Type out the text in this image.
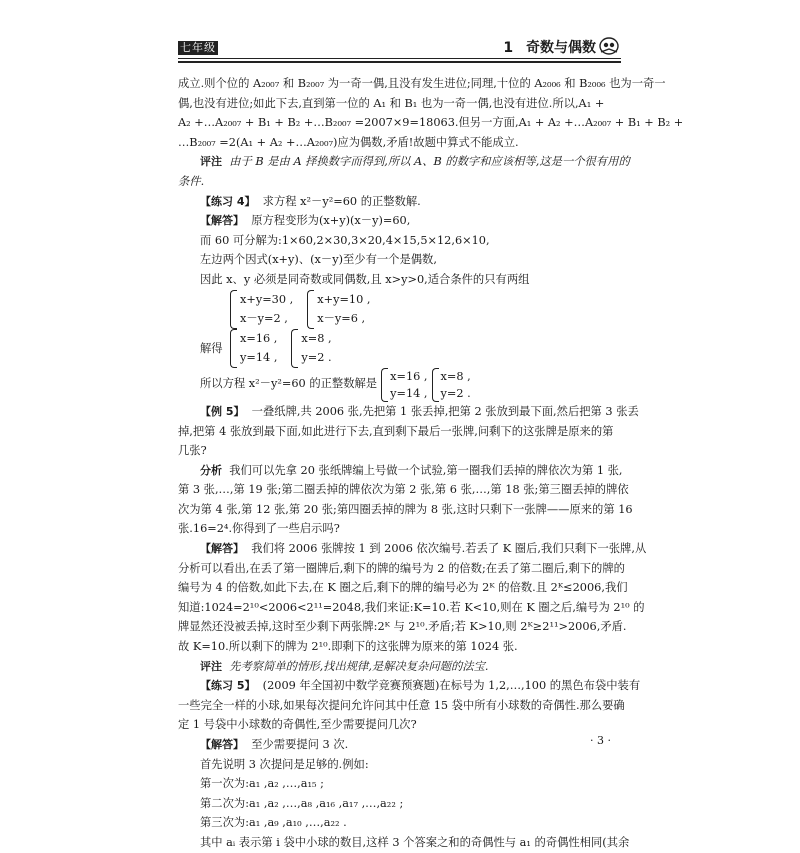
七年级	1 奇数与偶数

成立.则个位的 A₂₀₀₇ 和 B₂₀₀₇ 为一奇一偶,且没有发生进位;同理,十位的 A₂₀₀₆ 和 B₂₀₀₆ 也为一奇一

偶,也没有进位;如此下去,直到第一位的 A₁ 和 B₁ 也为一奇一偶,也没有进位.所以,A₁ +

A₂ +…A₂₀₀₇ + B₁ + B₂ +…B₂₀₀₇ =2007×9=18063.但另一方面,A₁ + A₂ +…A₂₀₀₇ + B₁ + B₂ +

…B₂₀₀₇ =2(A₁ + A₂ +…A₂₀₀₇)应为偶数,矛盾!故题中算式不能成立.

评注 由于 B 是由 A 择换数字而得到,所以 A、B 的数字和应该相等,这是一个很有用的

条件.

【练习 4】 求方程 x²－y²=60 的正整数解.

【解答】 原方程变形为(x+y)(x－y)=60,

而 60 可分解为:1×60,2×30,3×20,4×15,5×12,6×10,

左边两个因式(x+y)、(x－y)至少有一个是偶数,

因此 x、y 必须是同奇数或同偶数,且 x>y>0,适合条件的只有两组

x+y=30 ,

x－y=2 ,

x+y=10 ,

x－y=6 ,

解得

x=16 ,

y=14 ,

x=8 ,

y=2 .

所以方程 x²－y²=60 的正整数解是

x=16 ,

y=14 ,

x=8 ,

y=2 .

【例 5】 一叠纸牌,共 2006 张,先把第 1 张丢掉,把第 2 张放到最下面,然后把第 3 张丢

掉,把第 4 张放到最下面,如此进行下去,直到剩下最后一张牌,问剩下的这张牌是原来的第

几张?

分析 我们可以先拿 20 张纸牌编上号做一个试验,第一圈我们丢掉的牌依次为第 1 张,

第 3 张,…,第 19 张;第二圈丢掉的牌依次为第 2 张,第 6 张,…,第 18 张;第三圈丢掉的牌依

次为第 4 张,第 12 张,第 20 张;第四圈丢掉的牌为 8 张,这时只剩下一张牌——原来的第 16

张.16=2⁴.你得到了一些启示吗?

【解答】 我们将 2006 张牌按 1 到 2006 依次编号.若丢了 K 圈后,我们只剩下一张牌,从

分析可以看出,在丢了第一圈牌后,剩下的牌的编号为 2 的倍数;在丢了第二圈后,剩下的牌的

编号为 4 的倍数,如此下去,在 K 圈之后,剩下的牌的编号必为 2ᴷ 的倍数.且 2ᴷ≤2006,我们

知道:1024=2¹⁰<2006<2¹¹=2048,我们来证:K=10.若 K<10,则在 K 圈之后,编号为 2¹⁰ 的

牌显然还没被丢掉,这时至少剩下两张牌:2ᴷ 与 2¹⁰.矛盾;若 K>10,则 2ᴷ≥2¹¹>2006,矛盾.

故 K=10.所以剩下的牌为 2¹⁰.即剩下的这张牌为原来的第 1024 张.

评注 先考察简单的情形,找出规律,是解决复杂问题的法宝.

【练习 5】 (2009 年全国初中数学竞赛预赛题)在标号为 1,2,…,100 的黑色布袋中装有

一些完全一样的小球,如果每次提问允许问其中任意 15 袋中所有小球数的奇偶性.那么要确

定 1 号袋中小球数的奇偶性,至少需要提问几次?

【解答】 至少需要提问 3 次.

首先说明 3 次提问是足够的.例如:

第一次为:a₁ ,a₂ ,…,a₁₅ ;

第二次为:a₁ ,a₂ ,…,a₈ ,a₁₆ ,a₁₇ ,…,a₂₂ ;

第三次为:a₁ ,a₉ ,a₁₀ ,…,a₂₂ .

其中 aᵢ 表示第 i 袋中小球的数目,这样 3 个答案之和的奇偶性与 a₁ 的奇偶性相同(其余

· 3 ·
